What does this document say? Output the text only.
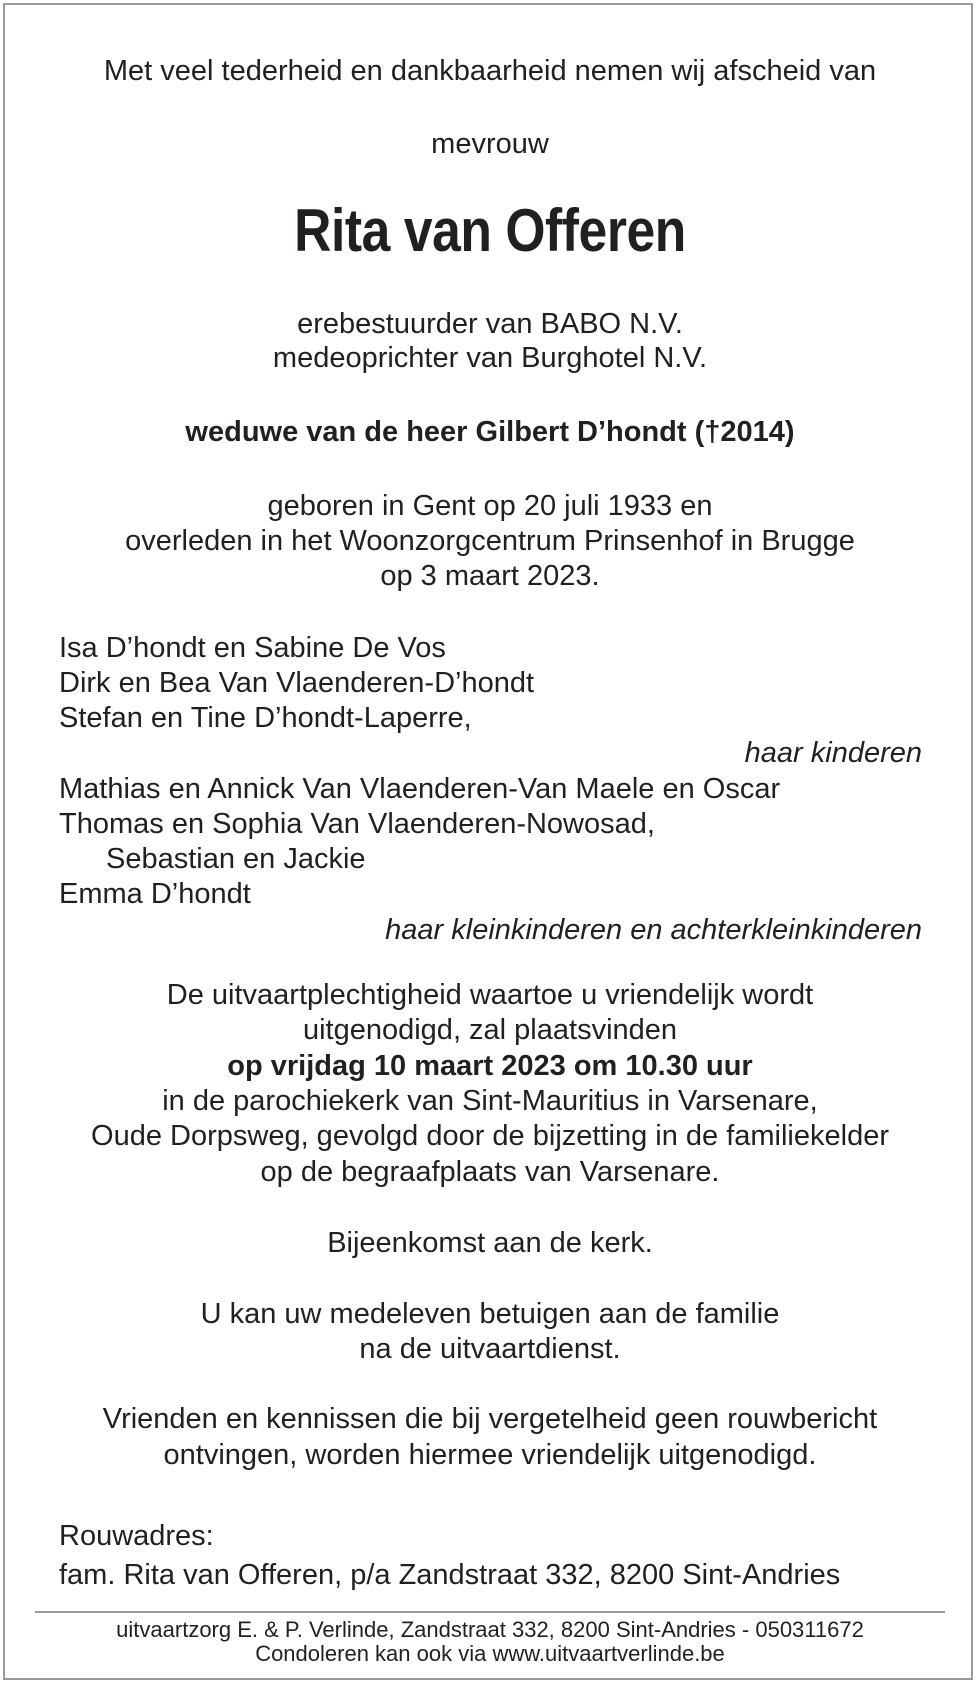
Met veel tederheid en dankbaarheid nemen wij afscheid van
mevrouw
Rita van Offeren
erebestuurder van BABO N.V.
medeoprichter van Burghotel N.V.
weduwe van de heer Gilbert D’hondt (†2014)
geboren in Gent op 20 juli 1933 en
overleden in het Woonzorgcentrum Prinsenhof in Brugge
op 3 maart 2023.
Isa D’hondt en Sabine De Vos
Dirk en Bea Van Vlaenderen-D’hondt
Stefan en Tine D’hondt-Laperre,
haar kinderen
Mathias en Annick Van Vlaenderen-Van Maele en Oscar
Thomas en Sophia Van Vlaenderen-Nowosad,
Sebastian en Jackie
Emma D’hondt
haar kleinkinderen en achterkleinkinderen
De uitvaartplechtigheid waartoe u vriendelijk wordt
uitgenodigd, zal plaatsvinden
op vrijdag 10 maart 2023 om 10.30 uur
in de parochiekerk van Sint-Mauritius in Varsenare,
Oude Dorpsweg, gevolgd door de bijzetting in de familiekelder
op de begraafplaats van Varsenare.
Bijeenkomst aan de kerk.
U kan uw medeleven betuigen aan de familie
na de uitvaartdienst.
Vrienden en kennissen die bij vergetelheid geen rouwbericht
ontvingen, worden hiermee vriendelijk uitgenodigd.
Rouwadres:
fam. Rita van Offeren, p/a Zandstraat 332, 8200 Sint-Andries
uitvaartzorg E. & P. Verlinde, Zandstraat 332, 8200 Sint-Andries - 050311672
Condoleren kan ook via www.uitvaartverlinde.be
